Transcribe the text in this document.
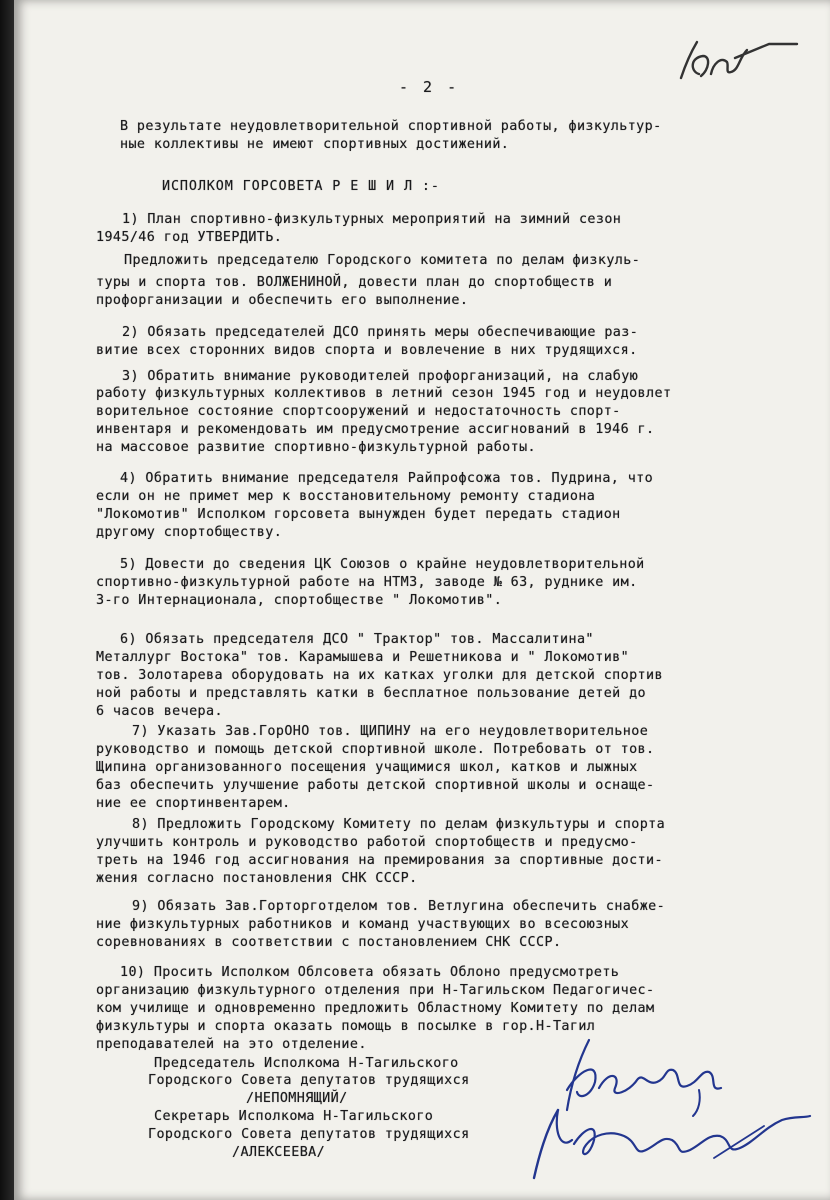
- 2 -
В результате неудовлетворительной спортивной работы, физкультур-
ные коллективы не имеют спортивных достижений.
ИСПОЛКОМ ГОРСОВЕТА Р Е Ш И Л :-
1) План спортивно-физкультурных мероприятий на зимний сезон
1945/46 год УТВЕРДИТЬ.
Предложить председателю Городского комитета по делам физкуль-
туры и спорта тов. ВОЛЖЕНИНОЙ, довести план до спортобществ и
профорганизации и обеспечить его выполнение.
2) Обязать председателей ДСО принять меры обеспечивающие раз-
витие всех сторонних видов спорта и вовлечение в них трудящихся.
3) Обратить внимание руководителей профорганизаций, на слабую
работу физкультурных коллективов в летний сезон 1945 год и неудовлет
ворительное состояние спортсооружений и недостаточность спорт-
инвентаря и рекомендовать им предусмотрение ассигнований в 1946 г.
на массовое развитие спортивно-физкультурной работы.
4) Обратить внимание председателя Райпрофсожа тов. Пудрина, что
если он не примет мер к восстановительному ремонту стадиона
"Локомотив" Исполком горсовета вынужден будет передать стадион
другому спортобществу.
5) Довести до сведения ЦК Союзов о крайне неудовлетворительной
спортивно-физкультурной работе на НТМЗ, заводе № 63, руднике им.
3-го Интернационала, спортобществе " Локомотив".
6) Обязать председателя ДСО " Трактор" тов. Массалитина"
Металлург Востока" тов. Карамышева и Решетникова и " Локомотив"
тов. Золотарева оборудовать на их катках уголки для детской спортив
ной работы и представлять катки в бесплатное пользование детей до
6 часов вечера.
7) Указать Зав.ГорОНО тов. ЩИПИНУ на его неудовлетворительное
руководство и помощь детской спортивной школе. Потребовать от тов.
Щипина организованного посещения учащимися школ, катков и лыжных
баз обеспечить улучшение работы детской спортивной школы и оснаще-
ние ее спортинвентарем.
8) Предложить Городскому Комитету по делам физкультуры и спорта
улучшить контроль и руководство работой спортобществ и предусмо-
треть на 1946 год ассигнования на премирования за спортивные дости-
жения согласно постановления СНК СССР.
9) Обязать Зав.Горторготделом тов. Ветлугина обеспечить снабже-
ние физкультурных работников и команд участвующих во всесоюзных
соревнованиях в соответствии с постановлением СНК СССР.
10) Просить Исполком Облсовета обязать Облоно предусмотреть
организацию физкультурного отделения при Н-Тагильском Педагогичес-
ком училище и одновременно предложить Областному Комитету по делам
физкультуры и спорта оказать помощь в посылке в гор.Н-Тагил
преподавателей на это отделение.
Председатель Исполкома Н-Тагильского
Городского Совета депутатов трудящихся
/НЕПОМНЯЩИЙ/
Секретарь Исполкома Н-Тагильского
Городского Совета депутатов трудящихся
/АЛЕКСЕЕВА/
